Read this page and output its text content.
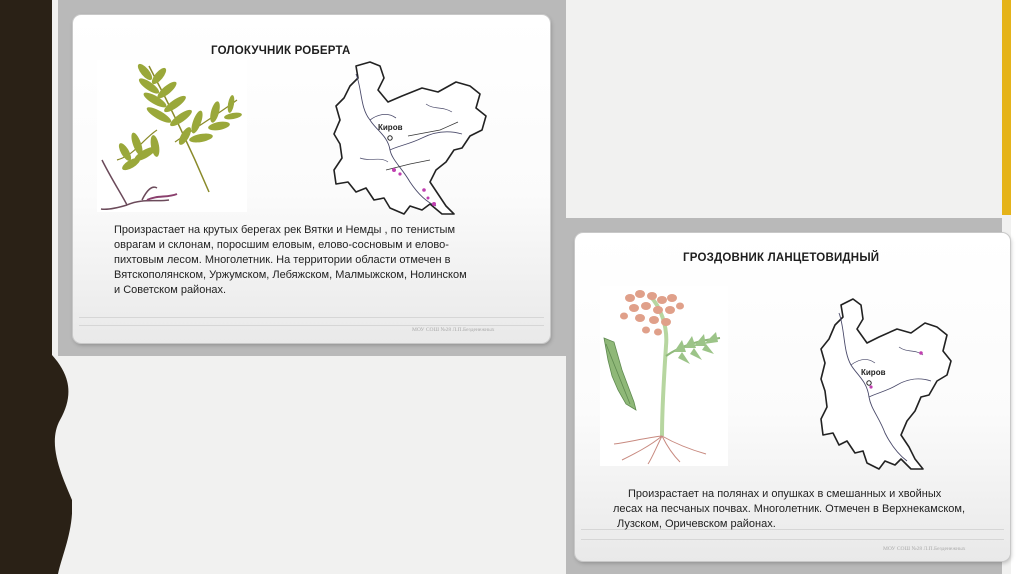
ГОЛОКУЧНИК РОБЕРТА
Киров
Произрастает на крутых берегах рек Вятки и Немды , по тенистым
оврагам и склонам, поросшим еловым, елово-сосновым и елово-
пихтовым лесом. Многолетник. На территории области отмечен в
Вятскополянском, Уржумском, Лебяжском, Малмыжском, Нолинском
и Советском районах.
МОУ СОШ №28 Л.П.Безденежных
ГРОЗДОВНИК ЛАНЦЕТОВИДНЫЙ
Киров
Произрастает на полянах и опушках в смешанных и хвойных
лесах на песчаных почвах. Многолетник. Отмечен в Верхнекамском,
Лузском, Оричевском районах.
МОУ СОШ №28 Л.П.Безденежных
